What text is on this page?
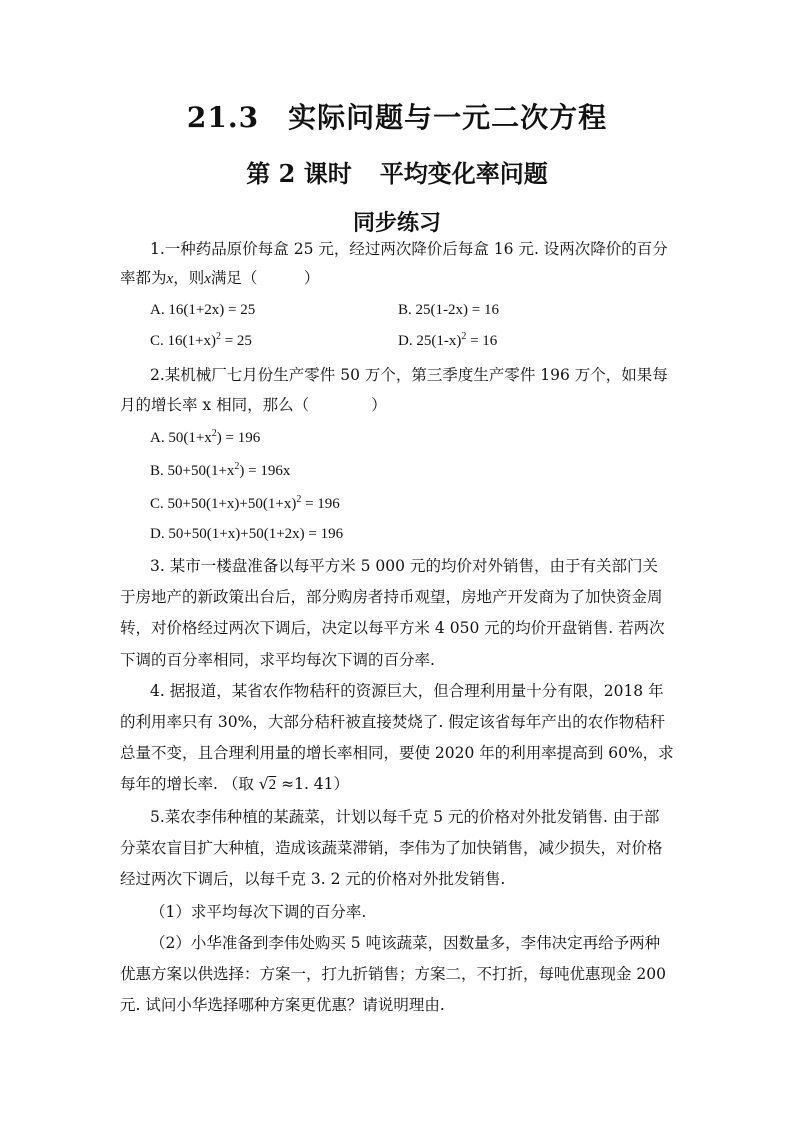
21.3　实际问题与一元二次方程
第 2 课时 平均变化率问题
同步练习
1.一种药品原价每盒 25 元，经过两次降价后每盒 16 元. 设两次降价的百分
率都为x，则x满足（　　　）
A. 16(1+2x) = 25	B. 25(1-2x) = 16
C. $16(1+x)^2 = 25$	D. $25(1-x)^2 = 16$
2.某机械厂七月份生产零件 50 万个，第三季度生产零件 196 万个，如果每
月的增长率 x 相同，那么（　　　　）
A. $50(1+x^2) = 196$
B. $50+50(1+x^2) = 196x$
C. $50+50(1+x)+50(1+x)^2 = 196$
D. 50+50(1+x)+50(1+2x) = 196
3. 某市一楼盘准备以每平方米 5 000 元的均价对外销售，由于有关部门关
于房地产的新政策出台后，部分购房者持币观望，房地产开发商为了加快资金周
转，对价格经过两次下调后，决定以每平方米 4 050 元的均价开盘销售. 若两次
下调的百分率相同，求平均每次下调的百分率.
4. 据报道，某省农作物秸秆的资源巨大，但合理利用量十分有限，2018 年
的利用率只有 30%，大部分秸秆被直接焚烧了. 假定该省每年产出的农作物秸秆
总量不变，且合理利用量的增长率相同，要使 2020 年的利用率提高到 60%，求
每年的增长率. （取 √2 ≈1. 41）
5.菜农李伟种植的某蔬菜，计划以每千克 5 元的价格对外批发销售. 由于部
分菜农盲目扩大种植，造成该蔬菜滞销，李伟为了加快销售，减少损失，对价格
经过两次下调后，以每千克 3. 2 元的价格对外批发销售.
（1）求平均每次下调的百分率.
（2）小华准备到李伟处购买 5 吨该蔬菜，因数量多，李伟决定再给予两种
优惠方案以供选择：方案一，打九折销售；方案二，不打折，每吨优惠现金 200
元. 试问小华选择哪种方案更优惠？请说明理由.
